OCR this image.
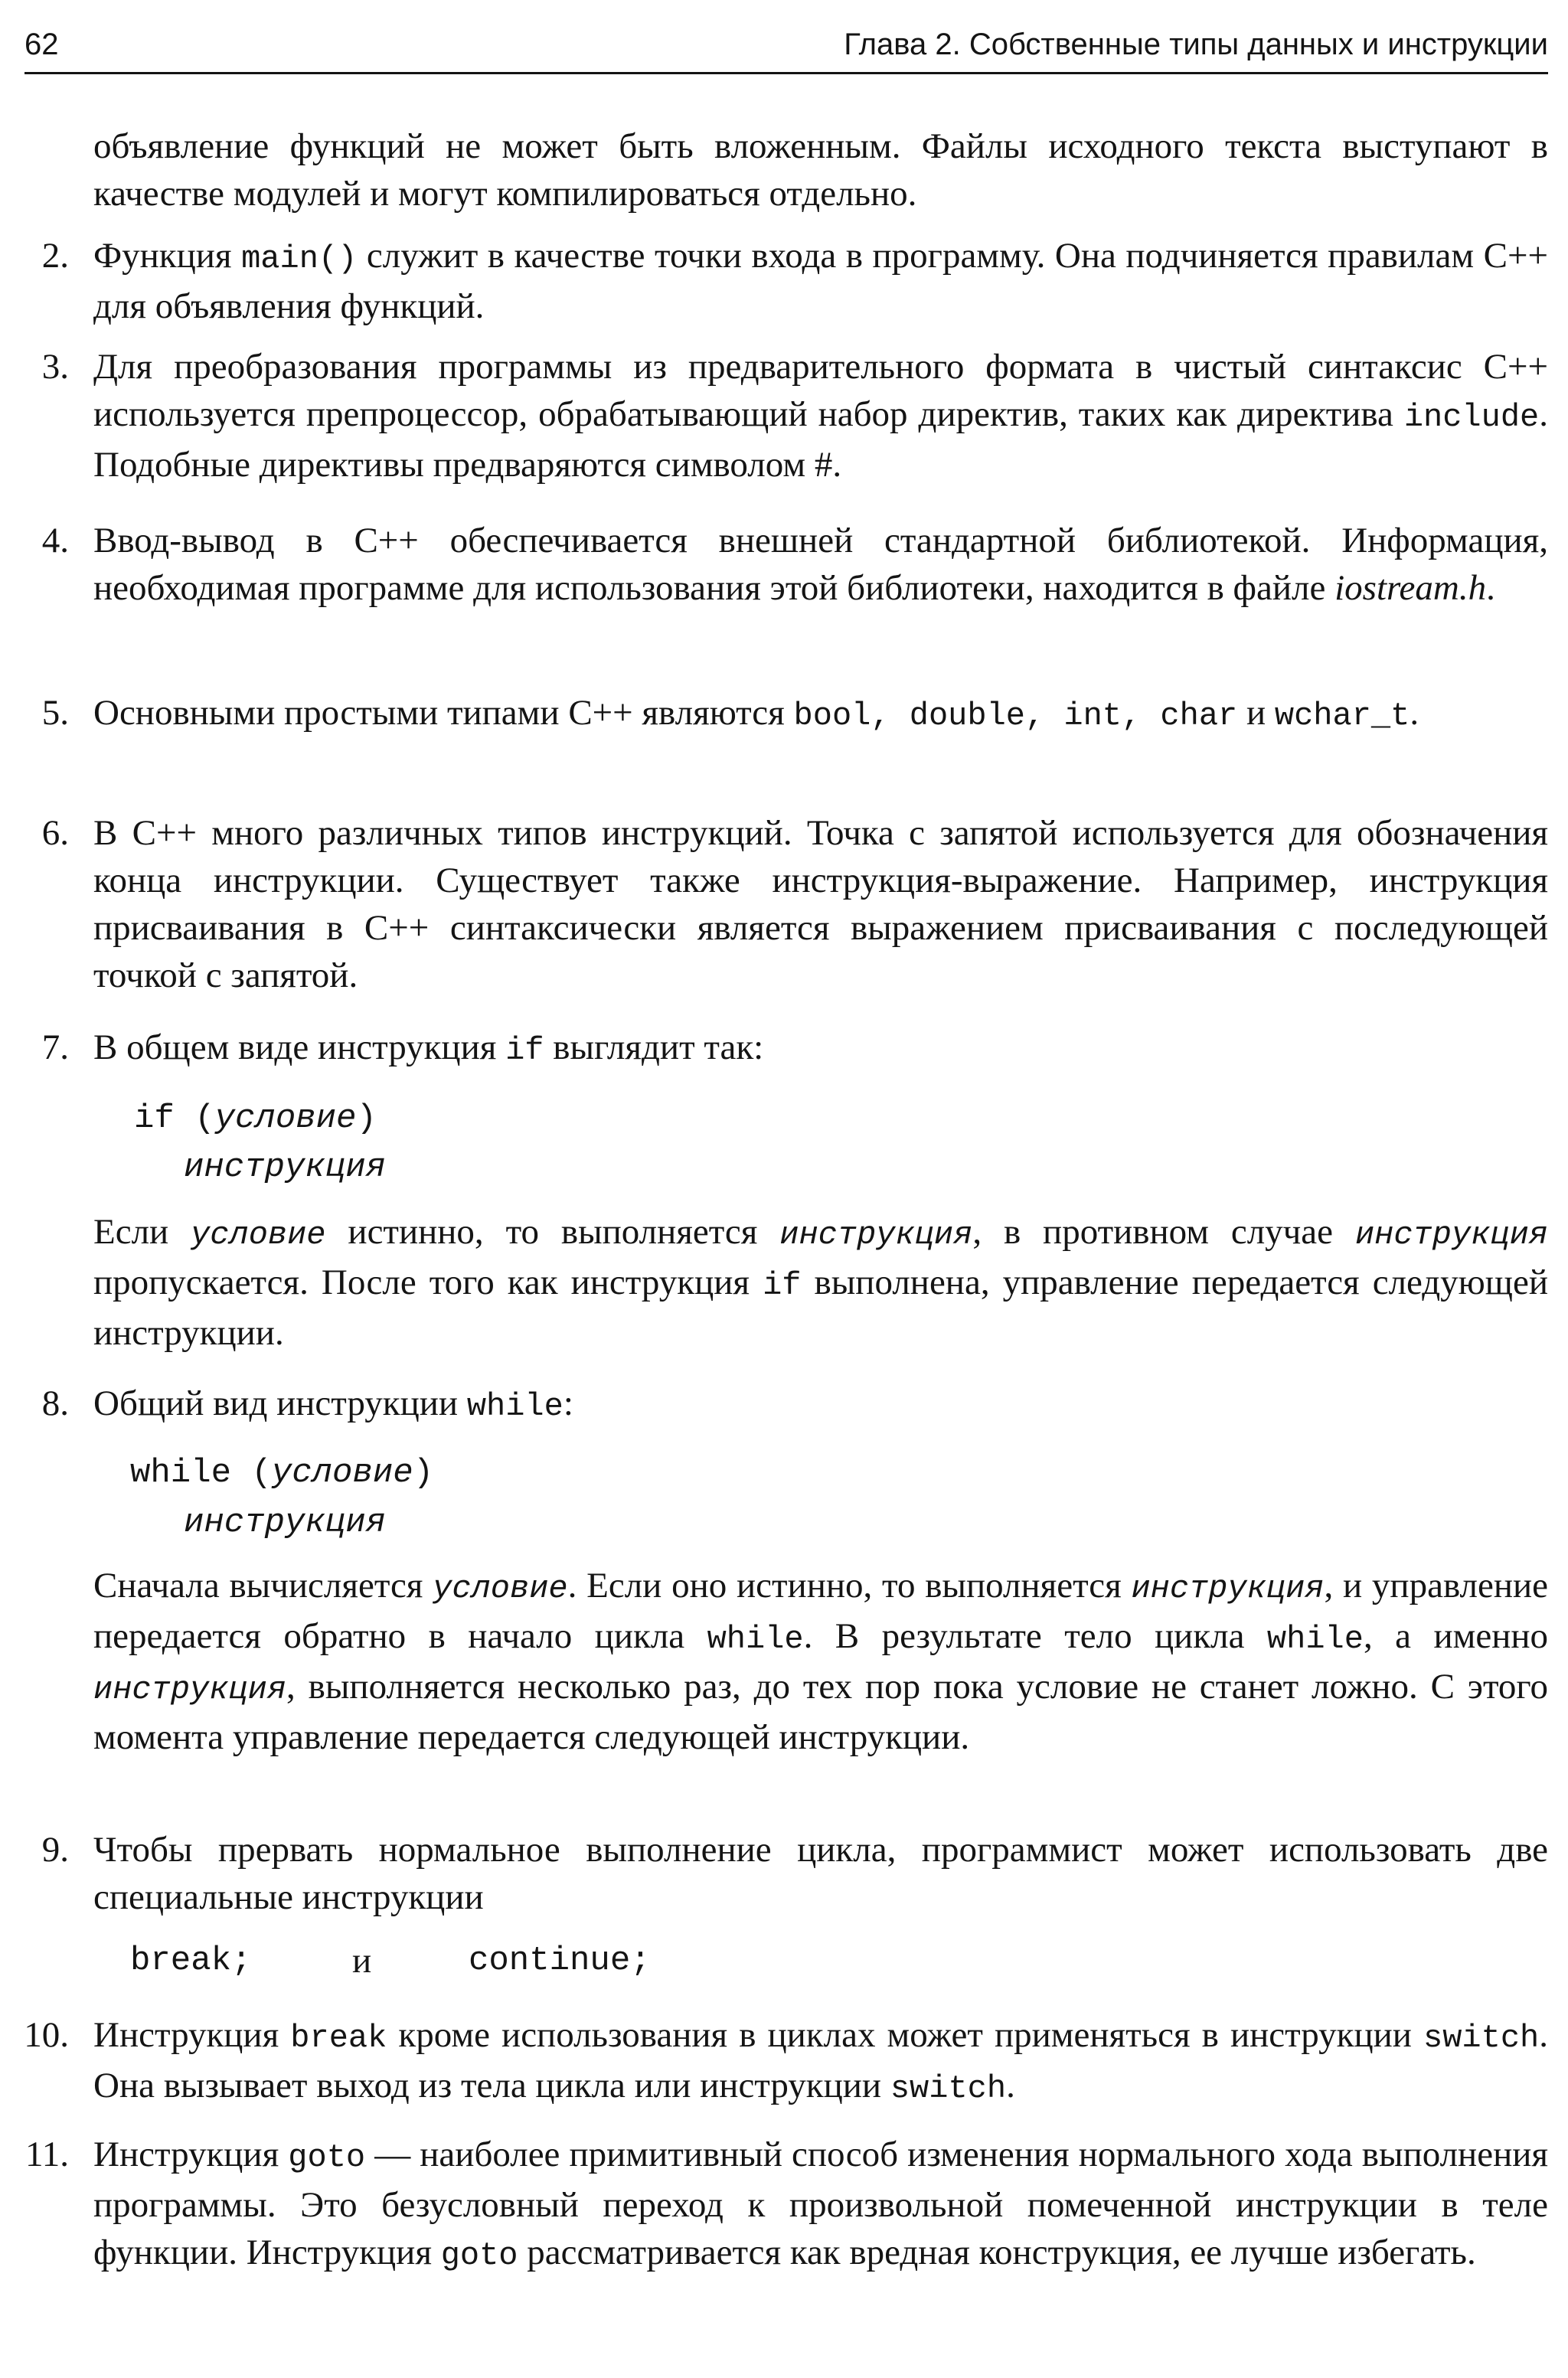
62	Глава 2. Собственные типы данных и инструкции

объявление функций не может быть вложенным. Файлы исходного текста выступают в качестве модулей и могут компилироваться отдельно.

2. Функция main() служит в качестве точки входа в программу. Она подчиняется правилам С++ для объявления функций.

3. Для преобразования программы из предварительного формата в чистый синтаксис С++ используется препроцессор, обрабатывающий набор директив, таких как директива include. Подобные директивы предваряются символом #.

4. Ввод-вывод в С++ обеспечивается внешней стандартной библиотекой. Информация, необходимая программе для использования этой библиотеки, находится в файле iostream.h.

5. Основными простыми типами С++ являются bool, double, int, char и wchar_t.

6. В С++ много различных типов инструкций. Точка с запятой используется для обозначения конца инструкции. Существует также инструкция-выражение. Например, инструкция присваивания в С++ синтаксически является выражением присваивания с последующей точкой с запятой.

7. В общем виде инструкция if выглядит так:

if (условие)
инструкция

Если условие истинно, то выполняется инструкция, в противном случае инструкция пропускается. После того как инструкция if выполнена, управление передается следующей инструкции.

8. Общий вид инструкции while:

while (условие)
инструкция

Сначала вычисляется условие. Если оно истинно, то выполняется инструкция, и управление передается обратно в начало цикла while. В результате тело цикла while, а именно инструкция, выполняется несколько раз, до тех пор пока условие не станет ложно. С этого момента управление передается следующей инструкции.

9. Чтобы прервать нормальное выполнение цикла, программист может использовать две специальные инструкции

break;	и	continue;
10. Инструкция break кроме использования в циклах может применяться в инструкции switch. Она вызывает выход из тела цикла или инструкции switch.

11. Инструкция goto — наиболее примитивный способ изменения нормального хода выполнения программы. Это безусловный переход к произвольной помеченной инструкции в теле функции. Инструкция goto рассматривается как вредная конструкция, ее лучше избегать.
